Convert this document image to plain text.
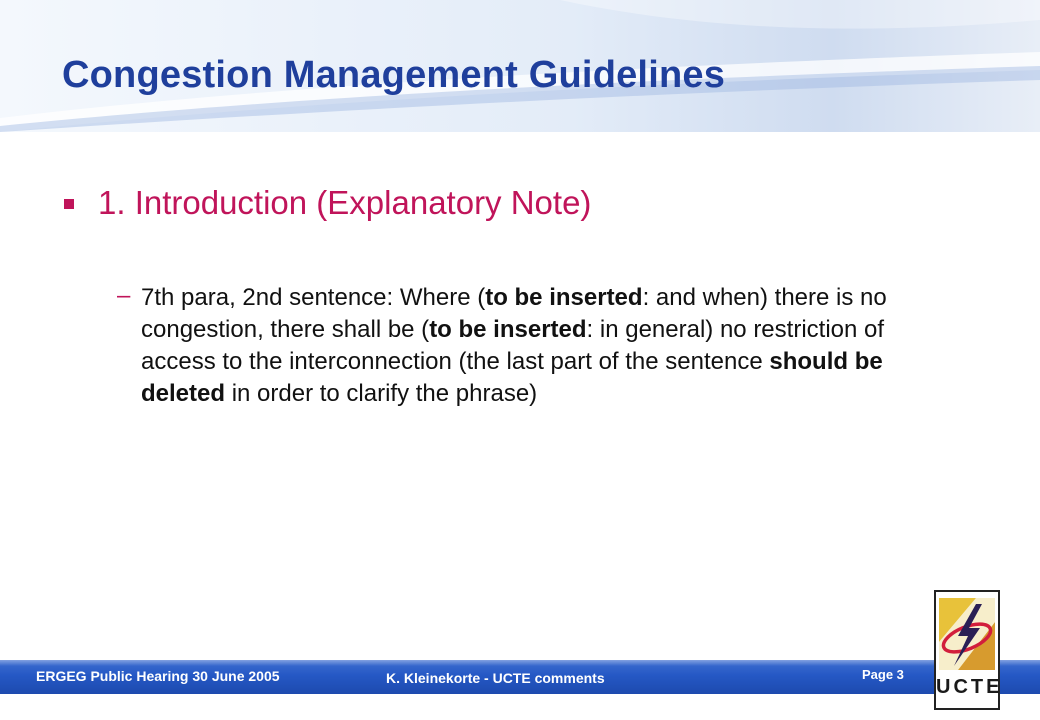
Congestion Management Guidelines
1. Introduction (Explanatory Note)
– 7th para, 2nd sentence: Where (to be inserted: and when) there is no congestion, there shall be (to be inserted: in general) no restriction of access to the interconnection (the last part of the sentence should be deleted in order to clarify the phrase)
ERGEG Public Hearing 30 June 2005	K. Kleinekorte - UCTE comments	Page 3
UCTE
